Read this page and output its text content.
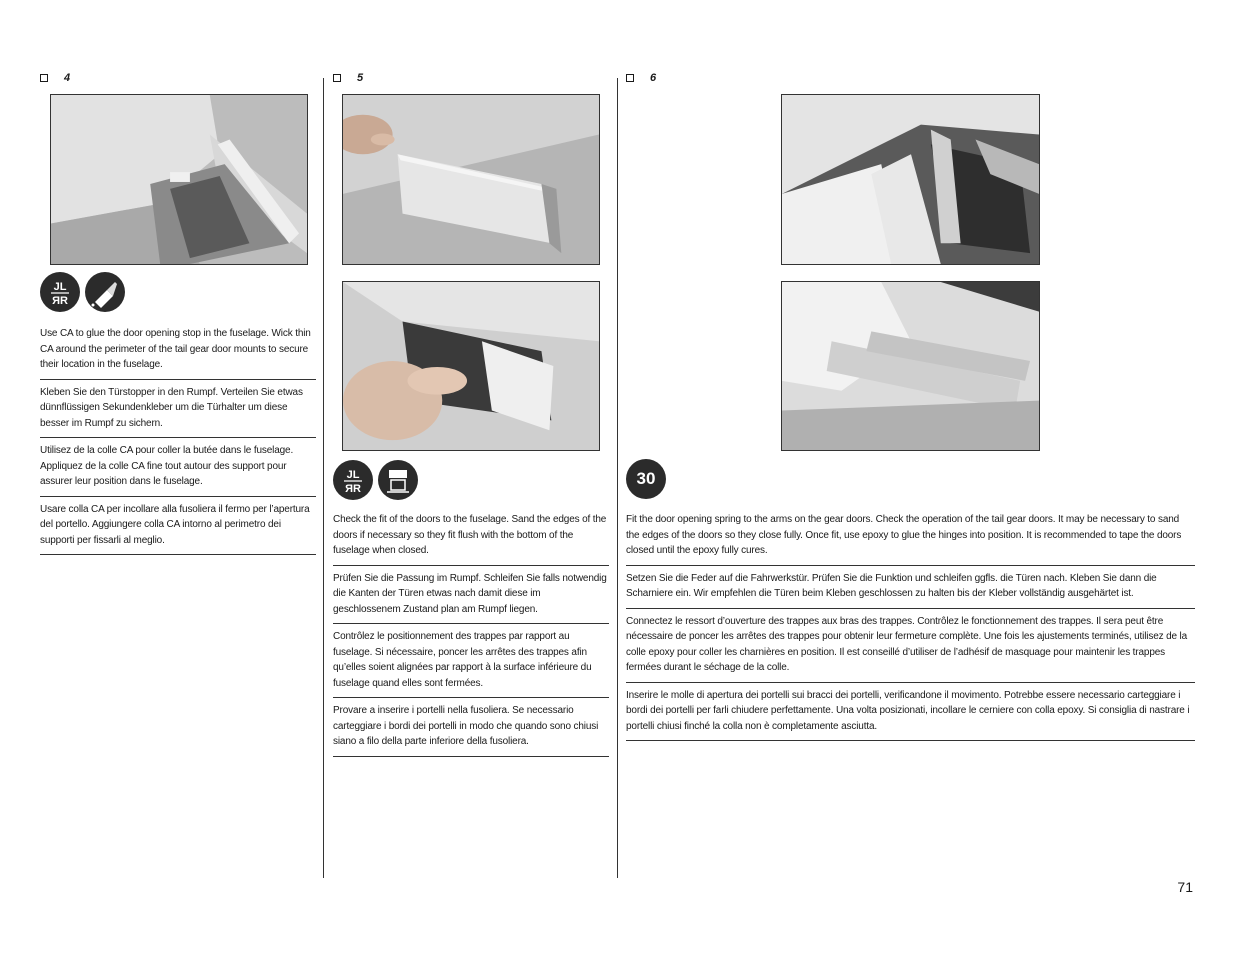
4
JL
ЯR
Use CA to glue the door opening stop in the fuselage. Wick thin CA around the perimeter of the tail gear door mounts to secure their location in the fuselage.
Kleben Sie den Türstopper in den Rumpf. Verteilen Sie etwas dünnflüssigen Sekundenkleber um die Türhalter um diese besser im Rumpf zu sichern.
Utilisez de la colle CA pour coller la butée dans le fuselage. Appliquez de la colle CA fine tout autour des support pour assurer leur position dans le fuselage.
Usare colla CA per incollare alla fusoliera il fermo per l’apertura del portello. Aggiungere colla CA intorno al perimetro dei supporti per fissarli al meglio.
5
JL
ЯR
Check the fit of the doors to the fuselage. Sand the edges of the doors if necessary so they fit flush with the bottom of the fuselage when closed.
Prüfen Sie die Passung im Rumpf. Schleifen Sie falls notwendig die Kanten der Türen etwas nach damit diese im geschlossenem Zustand plan am Rumpf liegen.
Contrôlez le positionnement des trappes par rapport au fuselage. Si nécessaire, poncer les arrêtes des trappes afin qu’elles soient alignées par rapport à la surface inférieure du fuselage quand elles sont fermées.
Provare a inserire i portelli nella fusoliera. Se necessario carteggiare i bordi dei portelli in modo che quando sono chiusi siano a filo della parte inferiore della fusoliera.
6
30
Fit the door opening spring to the arms on the gear doors. Check the operation of the tail gear doors. It may be necessary to sand the edges of the doors so they close fully. Once fit, use epoxy to glue the hinges into position. It is recommended to tape the doors closed until the epoxy fully cures.
Setzen Sie die Feder auf die Fahrwerkstür. Prüfen Sie die Funktion und schleifen ggfls. die Türen nach. Kleben Sie dann die Scharniere ein. Wir empfehlen die Türen beim Kleben geschlossen zu halten bis der Kleber vollständig ausgehärtet ist.
Connectez le ressort d’ouverture des trappes aux bras des trappes. Contrôlez le fonctionnement des trappes. Il sera peut être nécessaire de poncer les arrêtes des trappes pour obtenir leur fermeture complète. Une fois les ajustements terminés, utilisez de la colle epoxy pour coller les charnières en position. Il est conseillé d’utiliser de l’adhésif de masquage pour maintenir les trappes fermées durant le séchage de la colle.
Inserire le molle di apertura dei portelli sui bracci dei portelli, verificandone il movimento. Potrebbe essere necessario carteggiare i bordi dei portelli per farli chiudere perfettamente. Una volta posizionati, incollare le cerniere con colla epoxy. Si consiglia di nastrare i portelli chiusi finché la colla non è completamente asciutta.
71
